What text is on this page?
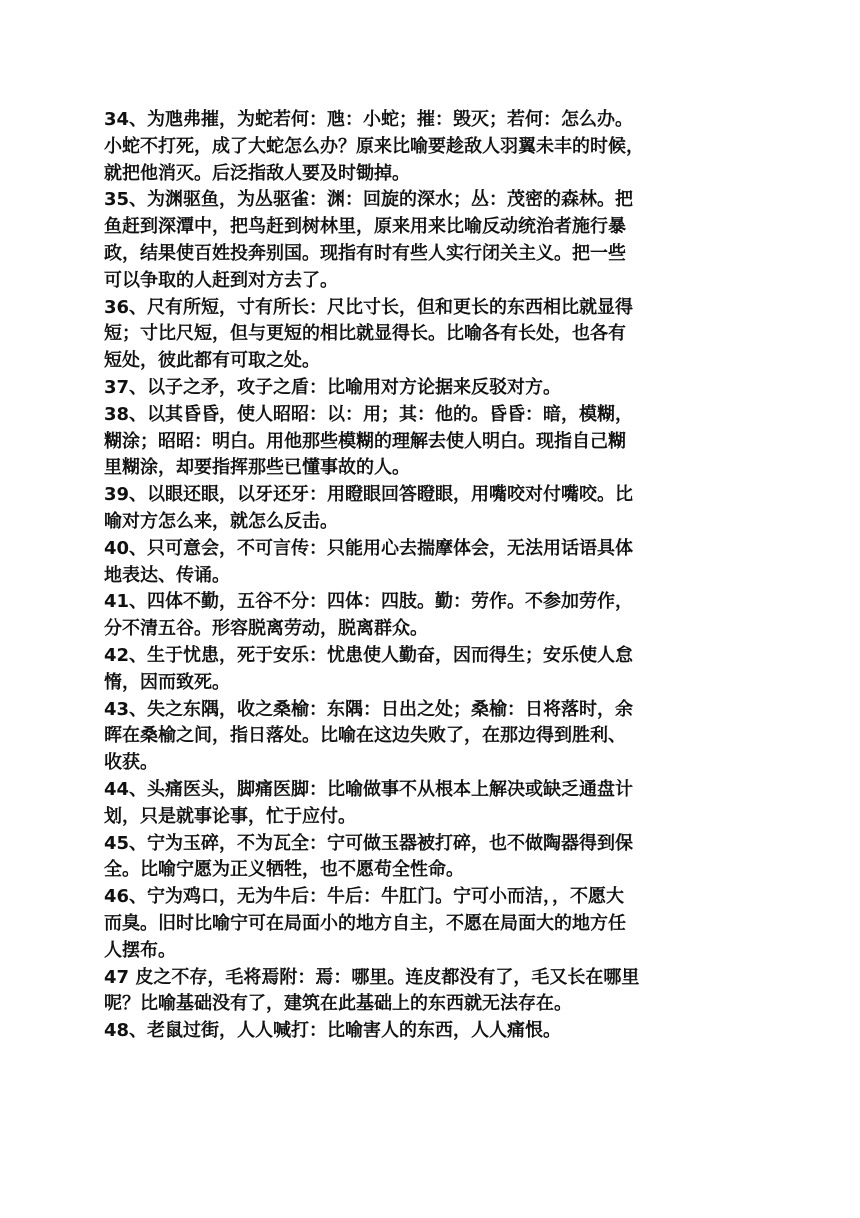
34、为虺弗摧，为蛇若何：虺：小蛇；摧：毁灭；若何：怎么办。
小蛇不打死，成了大蛇怎么办？原来比喻要趁敌人羽翼未丰的时候，
就把他消灭。后泛指敌人要及时锄掉。
35、为渊驱鱼，为丛驱雀：渊：回旋的深水；丛：茂密的森林。把
鱼赶到深潭中，把鸟赶到树林里，原来用来比喻反动统治者施行暴
政，结果使百姓投奔别国。现指有时有些人实行闭关主义。把一些
可以争取的人赶到对方去了。
36、尺有所短，寸有所长：尺比寸长，但和更长的东西相比就显得
短；寸比尺短，但与更短的相比就显得长。比喻各有长处，也各有
短处，彼此都有可取之处。
37、以子之矛，攻子之盾：比喻用对方论据来反驳对方。
38、以其昏昏，使人昭昭：以：用；其：他的。昏昏：暗，模糊，
糊涂；昭昭：明白。用他那些模糊的理解去使人明白。现指自己糊
里糊涂，却要指挥那些已懂事故的人。
39、以眼还眼，以牙还牙：用瞪眼回答瞪眼，用嘴咬对付嘴咬。比
喻对方怎么来，就怎么反击。
40、只可意会，不可言传：只能用心去揣摩体会，无法用话语具体
地表达、传诵。
41、四体不勤，五谷不分：四体：四肢。勤：劳作。不参加劳作，
分不清五谷。形容脱离劳动，脱离群众。
42、生于忧患，死于安乐：忧患使人勤奋，因而得生；安乐使人怠
惰，因而致死。
43、失之东隅，收之桑榆：东隅：日出之处；桑榆：日将落时，余
晖在桑榆之间，指日落处。比喻在这边失败了，在那边得到胜利、
收获。
44、头痛医头，脚痛医脚：比喻做事不从根本上解决或缺乏通盘计
划，只是就事论事，忙于应付。
45、宁为玉碎，不为瓦全：宁可做玉器被打碎，也不做陶器得到保
全。比喻宁愿为正义牺牲，也不愿苟全性命。
46、宁为鸡口，无为牛后：牛后：牛肛门。宁可小而洁，，不愿大
而臭。旧时比喻宁可在局面小的地方自主，不愿在局面大的地方任
人摆布。
47 皮之不存，毛将焉附：焉：哪里。连皮都没有了，毛又长在哪里
呢？比喻基础没有了，建筑在此基础上的东西就无法存在。
48、老鼠过街，人人喊打：比喻害人的东西，人人痛恨。
